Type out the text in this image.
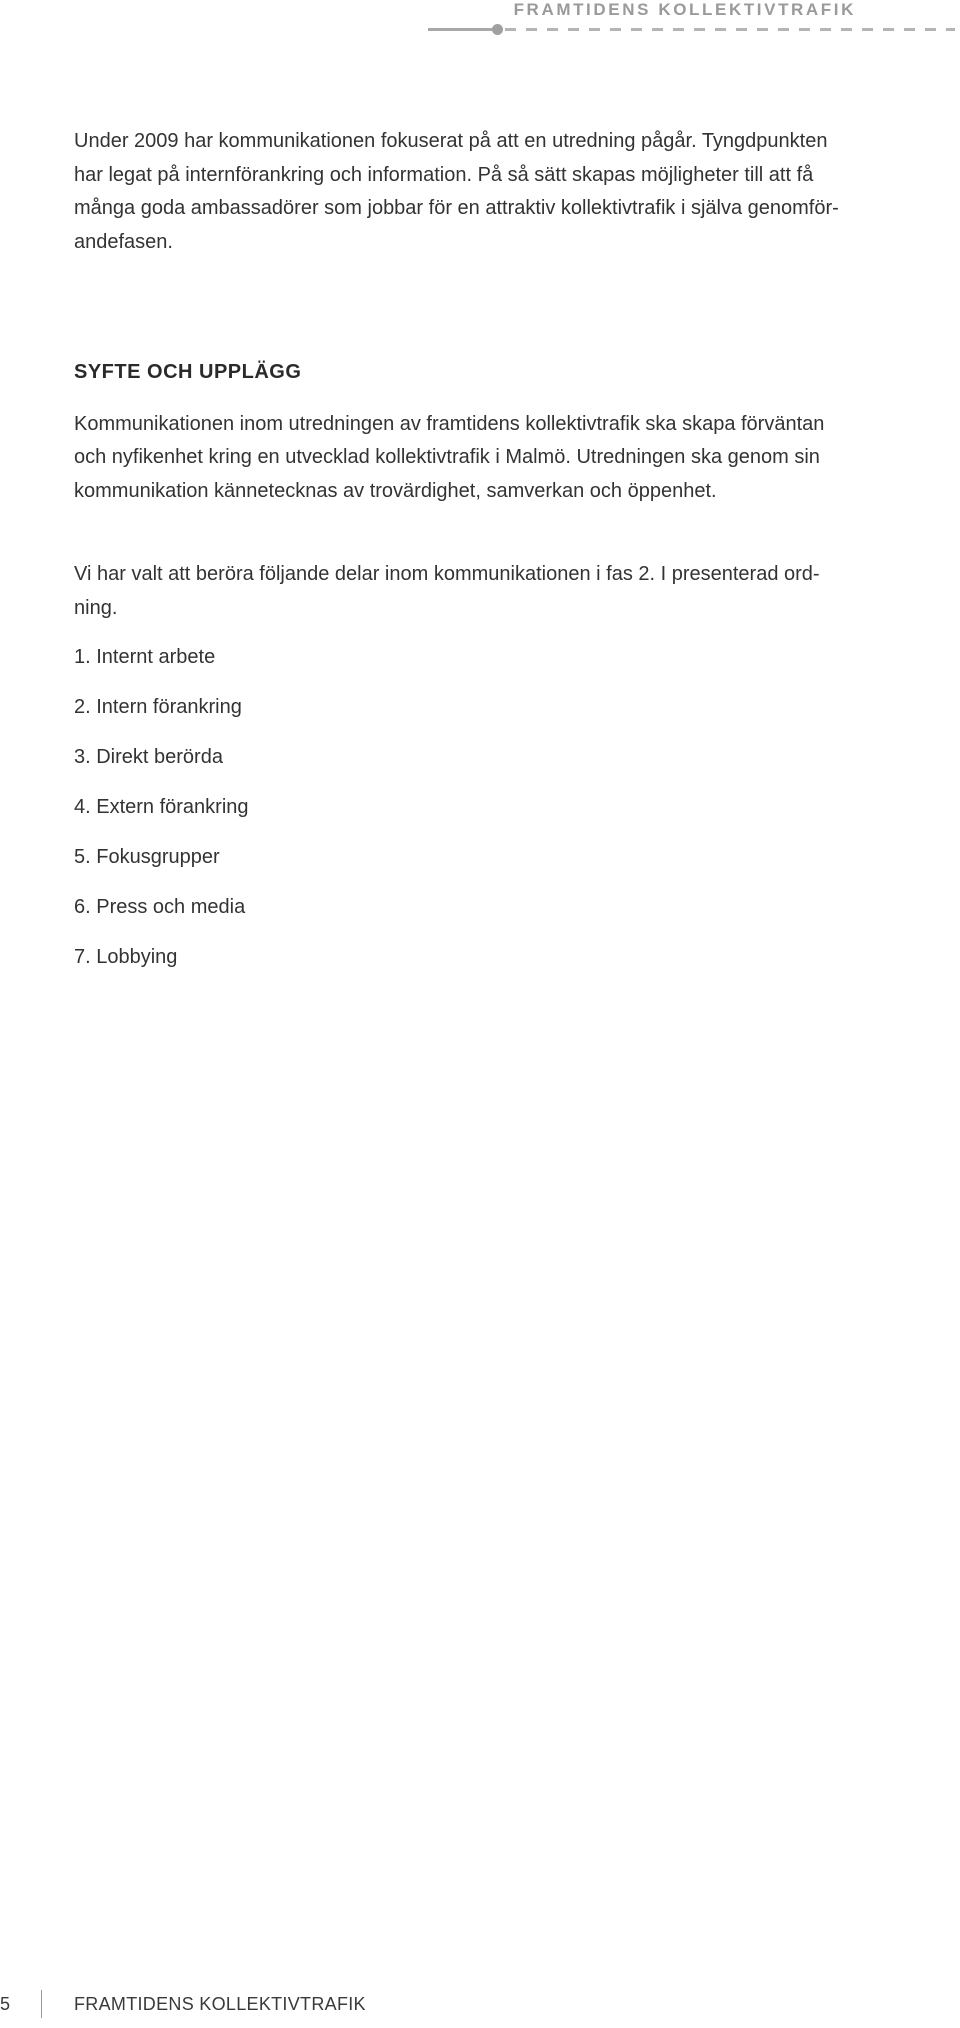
FRAMTIDENS KOLLEKTIVTRAFIK

Under 2009 har kommunikationen fokuserat på att en utredning pågår. Tyngdpunkten
har legat på internförankring och information. På så sätt skapas möjligheter till att få
många goda ambassadörer som jobbar för en attraktiv kollektivtrafik i själva genomför-
andefasen.

SYFTE OCH UPPLÄGG

Kommunikationen inom utredningen av framtidens kollektivtrafik ska skapa förväntan
och nyfikenhet kring en utvecklad kollektivtrafik i Malmö. Utredningen ska genom sin
kommunikation kännetecknas av trovärdighet, samverkan och öppenhet.

Vi har valt att beröra följande delar inom kommunikationen i fas 2. I presenterad ord-
ning.

1. Internt arbete
2. Intern förankring
3. Direkt berörda
4. Extern förankring
5. Fokusgrupper
6. Press och media
7. Lobbying
5	FRAMTIDENS KOLLEKTIVTRAFIK
